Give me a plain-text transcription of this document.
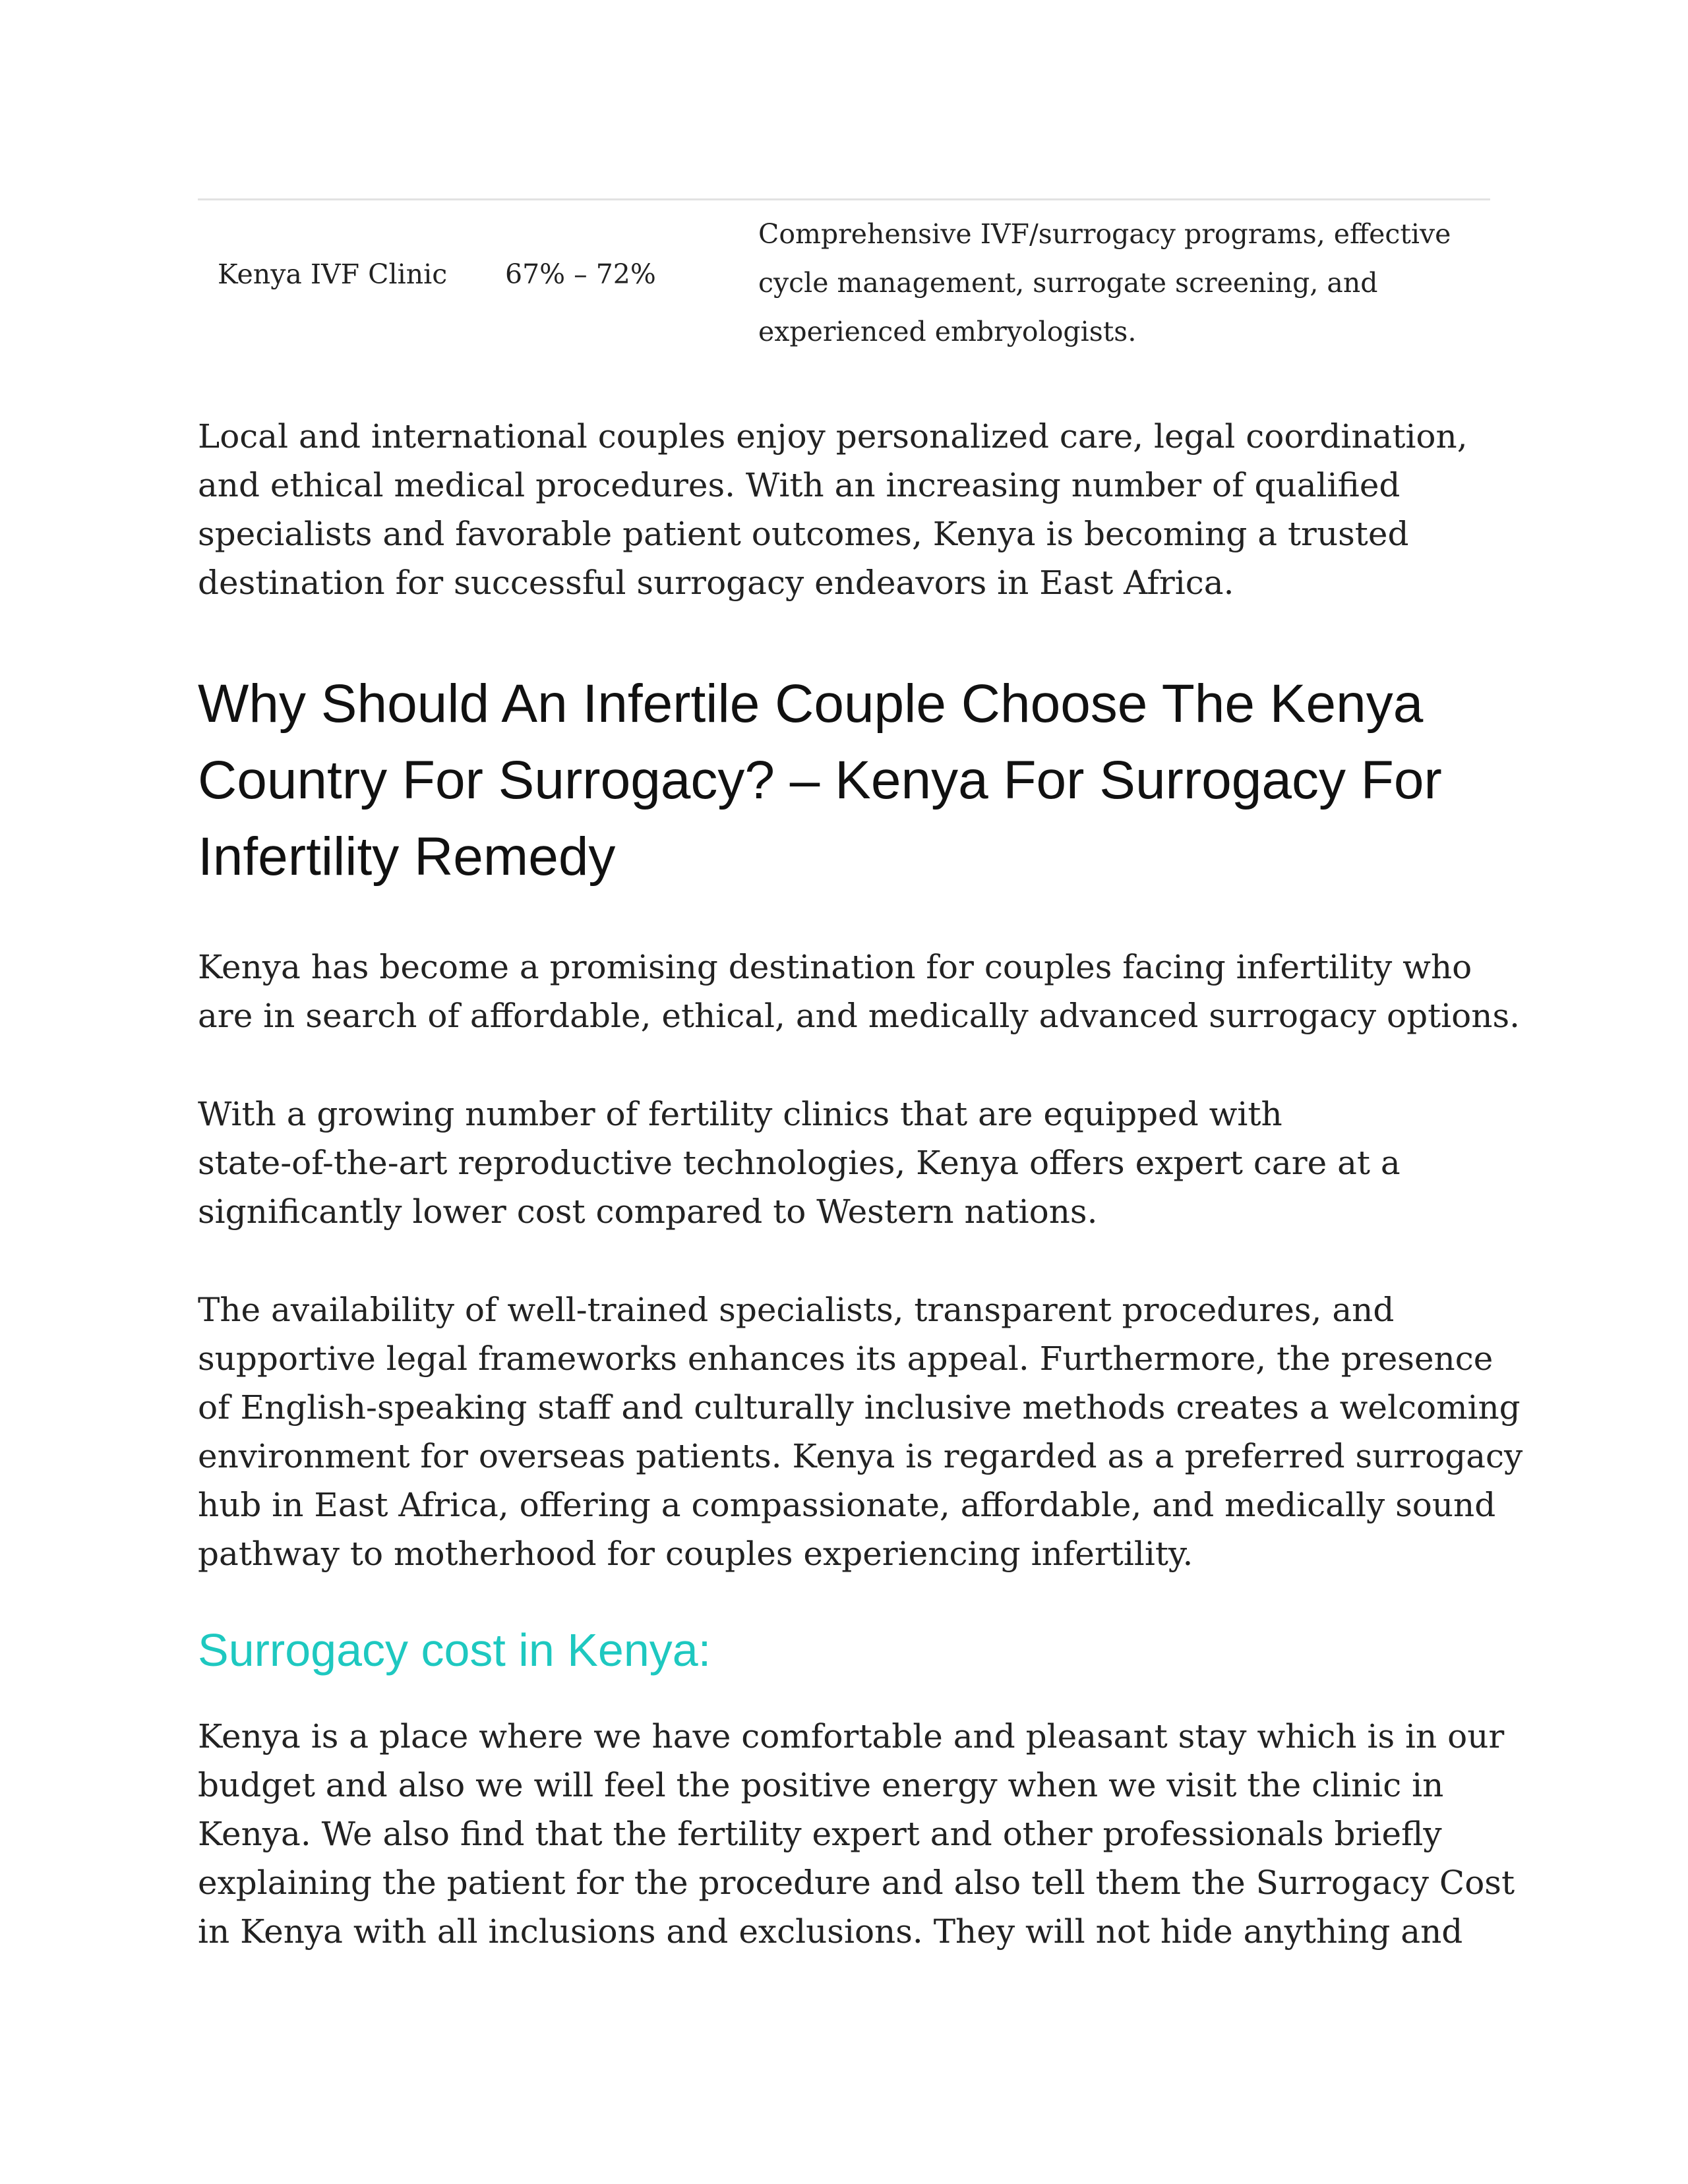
Kenya IVF Clinic 67% – 72%
Comprehensive IVF/surrogacy programs, effective
cycle management, surrogate screening, and
experienced embryologists.

Local and international couples enjoy personalized care, legal coordination,
and ethical medical procedures. With an increasing number of qualified
specialists and favorable patient outcomes, Kenya is becoming a trusted
destination for successful surrogacy endeavors in East Africa.

Why Should An Infertile Couple Choose The Kenya
Country For Surrogacy? – Kenya For Surrogacy For
Infertility Remedy

Kenya has become a promising destination for couples facing infertility who
are in search of affordable, ethical, and medically advanced surrogacy options.

With a growing number of fertility clinics that are equipped with
state-of-the-art reproductive technologies, Kenya offers expert care at a
significantly lower cost compared to Western nations.

The availability of well-trained specialists, transparent procedures, and
supportive legal frameworks enhances its appeal. Furthermore, the presence
of English-speaking staff and culturally inclusive methods creates a welcoming
environment for overseas patients. Kenya is regarded as a preferred surrogacy
hub in East Africa, offering a compassionate, affordable, and medically sound
pathway to motherhood for couples experiencing infertility.

Surrogacy cost in Kenya:

Kenya is a place where we have comfortable and pleasant stay which is in our
budget and also we will feel the positive energy when we visit the clinic in
Kenya. We also find that the fertility expert and other professionals briefly
explaining the patient for the procedure and also tell them the Surrogacy Cost
in Kenya with all inclusions and exclusions. They will not hide anything and
